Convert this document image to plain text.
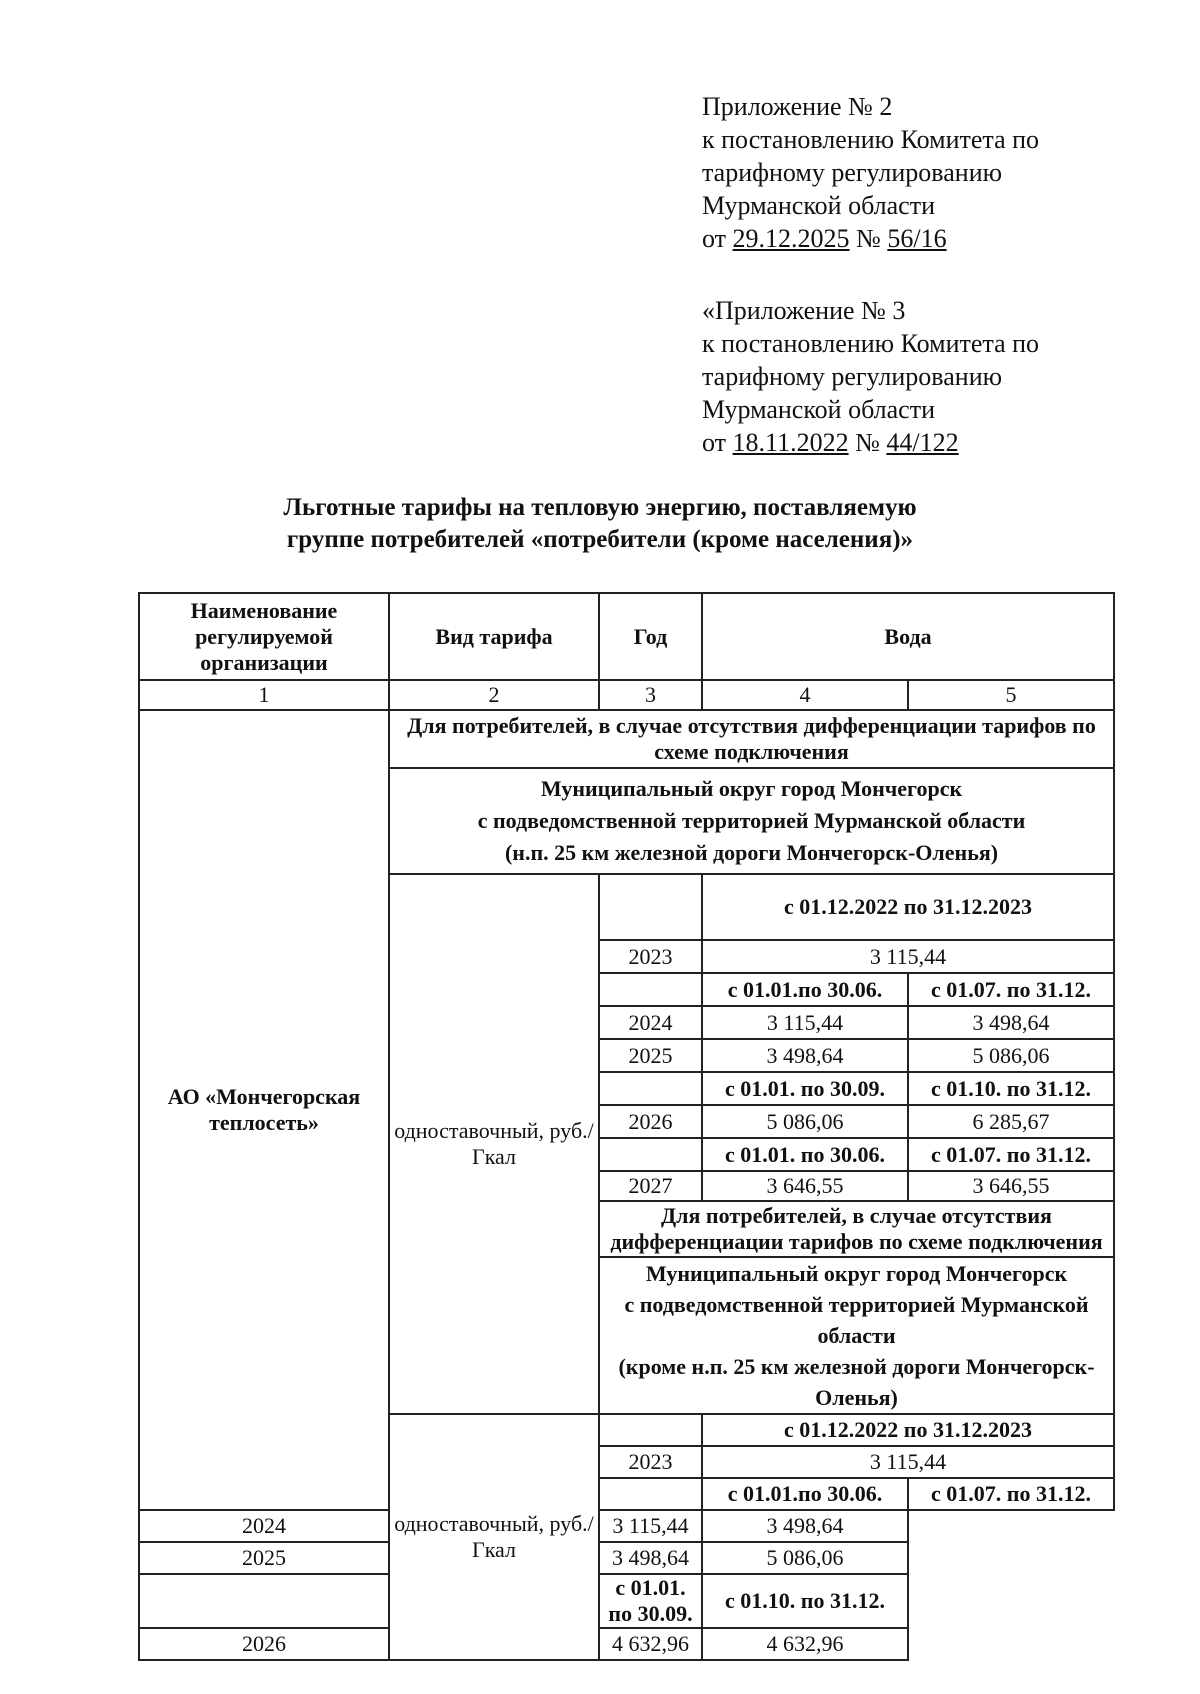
Приложение № 2
к постановлению Комитета по
тарифному регулированию
Мурманской области
от 29.12.2025 № 56/16
«Приложение № 3
к постановлению Комитета по
тарифному регулированию
Мурманской области
от 18.11.2022 № 44/122
Льготные тарифы на тепловую энергию, поставляемую
группе потребителей «потребители (кроме населения)»
Наименование регулируемой организации	Вид тарифа	Год	Вода	
1	2	3	4	5
АО «Мончегорская теплосеть»	Для потребителей, в случае отсутствия дифференциации тарифов по схеме подключения			

	Муниципальный округ город Мончегорск
с подведомственной территорией Мурманской области
(н.п. 25 км железной дороги Мончегорск-Оленья)			

	одноставочный, руб./Гкал		с 01.12.2022 по 31.12.2023	
		2023	3 115,44	
			с 01.01.по 30.06.	с 01.07. по 31.12.
		2024	3 115,44	3 498,64
		2025	3 498,64	5 086,06
			с 01.01. по 30.09.	с 01.10. по 31.12.
		2026	5 086,06	6 285,67
			с 01.01. по 30.06.	с 01.07. по 31.12.
		2027	3 646,55	3 646,55
		Для потребителей, в случае отсутствия дифференциации тарифов по схеме подключения		

		Муниципальный округ город Мончегорск
с подведомственной территорией Мурманской области
(кроме н.п. 25 км железной дороги Мончегорск-Оленья)		

	одноставочный, руб./Гкал		с 01.12.2022 по 31.12.2023	
		2023	3 115,44	
			с 01.01.по 30.06.	с 01.07. по 31.12.
2024		3 115,44	3 498,64	
2025		3 498,64	5 086,06	
		с 01.01. по 30.09.	с 01.10. по 31.12.	
2026		4 632,96	4 632,96	
